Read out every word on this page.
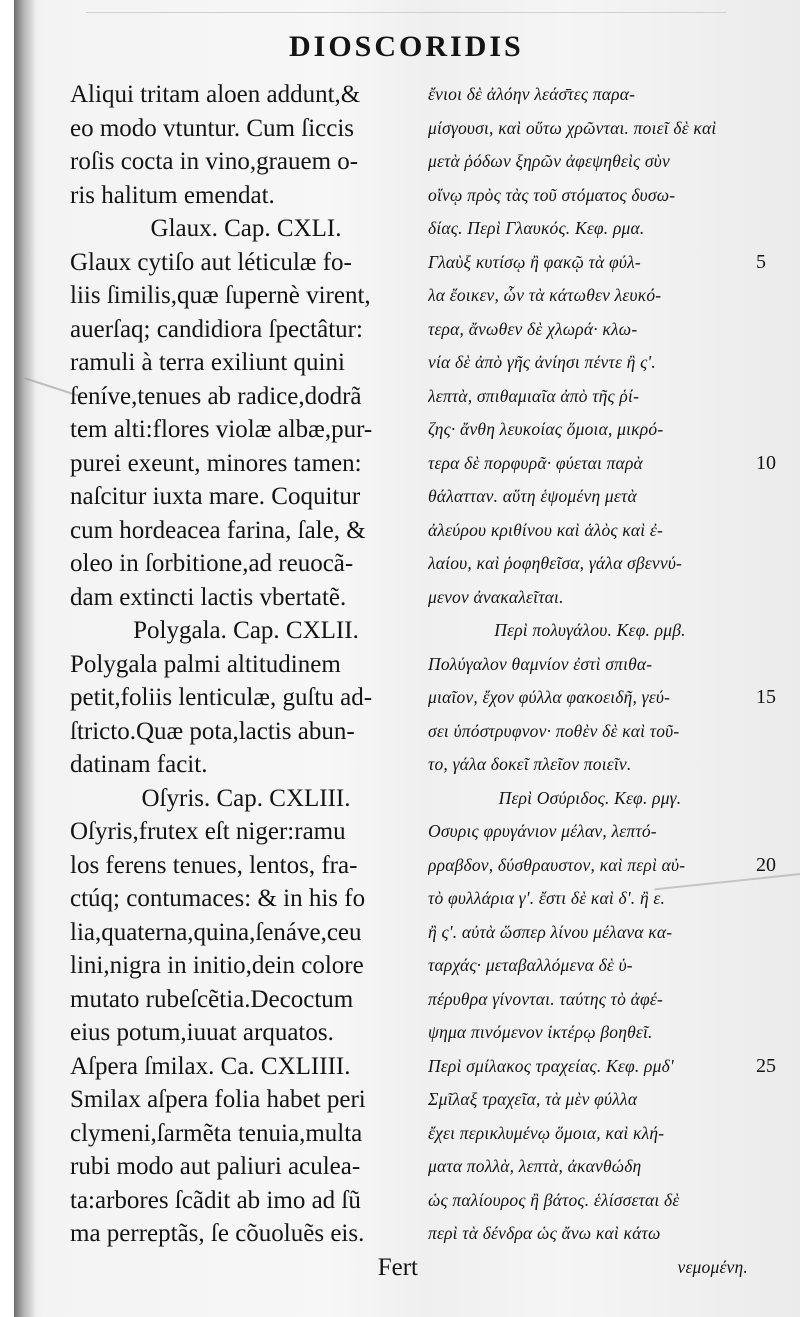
DIOSCORIDIS
Aliqui tritam aloen addunt,&
eo modo vtuntur. Cum ſiccis
roſis cocta in vino,grauem o-
ris halitum emendat.
Glaux. Cap. CXLI.
Glaux cytiſo aut léticulæ fo-
liis ſimilis,quæ ſupernè virent,
auerſaq; candidiora ſpectâtur:
ramuli à terra exiliunt quini
ſeníve,tenues ab radice,dodrã
tem alti:flores violæ albæ,pur-
purei exeunt, minores tamen:
naſcitur iuxta mare. Coquitur
cum hordeacea farina, ſale, &
oleo in ſorbitione,ad reuocã-
dam extincti lactis vbertatẽ.
Polygala. Cap. CXLII.
Polygala palmi altitudinem
petit,foliis lenticulæ, guſtu ad-
ſtricto.Quæ pota,lactis abun-
datinam facit.
Oſyris. Cap. CXLIII.
Oſyris,frutex eſt niger:ramu
los ferens tenues, lentos, fra-
ctúq; contumaces: & in his fo
lia,quaterna,quina,ſenáve,ceu
lini,nigra in initio,dein colore
mutato rubeſcẽtia.Decoctum
eius potum,iuuat arquatos.
Aſpera ſmilax. Ca. CXLIIII.
Smilax aſpera folia habet peri
clymeni,ſarmẽta tenuia,multa
rubi modo aut paliuri aculea-
ta:arbores ſcãdit ab imo ad ſũ
ma perreptãs, ſe cõuoluẽs eis.
Fert
ἔνιοι δὲ ἀλόην λεάσ̄τες παρα-
μίσγουσι, καὶ οὕτω χρῶνται. ποιεῖ δὲ καὶ
μετὰ ῥόδων ξηρῶν ἀφεψηθεὶς σὺν
οἴνῳ πρὸς τὰς τοῦ στόματος δυσω-
δίας. Περὶ Γλαυκός. Κεφ. ρμα.
Γλαὺξ κυτίσῳ ἢ φακῷ τὰ φύλ-
λα ἔοικεν, ὧν τὰ κάτωθεν λευκό-
τερα, ἄνωθεν δὲ χλωρά· κλω-
νία δὲ ἀπὸ γῆς ἀνίησι πέντε ἢ ς'.
λεπτὰ, σπιθαμιαῖα ἀπὸ τῆς ῥί-
ζης· ἄνθη λευκοίας ὅμοια, μικρό-
τερα δὲ πορφυρᾶ· φύεται παρὰ
θάλατταν. αὕτη ἑψομένη μετὰ
ἀλεύρου κριθίνου καὶ ἁλὸς καὶ ἐ-
λαίου, καὶ ῥοφηθεῖσα, γάλα σβεννύ-
μενον ἀνακαλεῖται.
Περὶ πολυγάλου. Κεφ. ρμβ.
Πολύγαλον θαμνίον ἐστὶ σπιθα-
μιαῖον, ἔχον φύλλα φακοειδῆ, γεύ-
σει ὑπόστρυφνον· ποθὲν δὲ καὶ τοῦ-
το, γάλα δοκεῖ πλεῖον ποιεῖν.
Περὶ Οσύριδος. Κεφ. ρμγ.
Οσυρις φρυγάνιον μέλαν, λεπτό-
ρραβδον, δύσθραυστον, καὶ περὶ αὐ-
τὸ φυλλάρια γ'. ἔστι δὲ καὶ δ'. ἢ ε.
ἢ ς'. αὐτὰ ὥσπερ λίνου μέλανα κα-
ταρχάς· μεταβαλλόμενα δὲ ὑ-
πέρυθρα γίνονται. ταύτης τὸ ἀφέ-
ψημα πινόμενον ἰκτέρῳ βοηθεῖ.
Περὶ σμίλακος τραχείας. Κεφ. ρμδ'
Σμῖλαξ τραχεῖα, τὰ μὲν φύλλα
ἔχει περικλυμένῳ ὅμοια, καὶ κλή-
ματα πολλὰ, λεπτὰ, ἀκανθώδη
ὡς παλίουρος ἢ βάτος. ἑλίσσεται δὲ
περὶ τὰ δένδρα ὡς ἄνω καὶ κάτω
νεμομένη.
5
10
15
20
25
